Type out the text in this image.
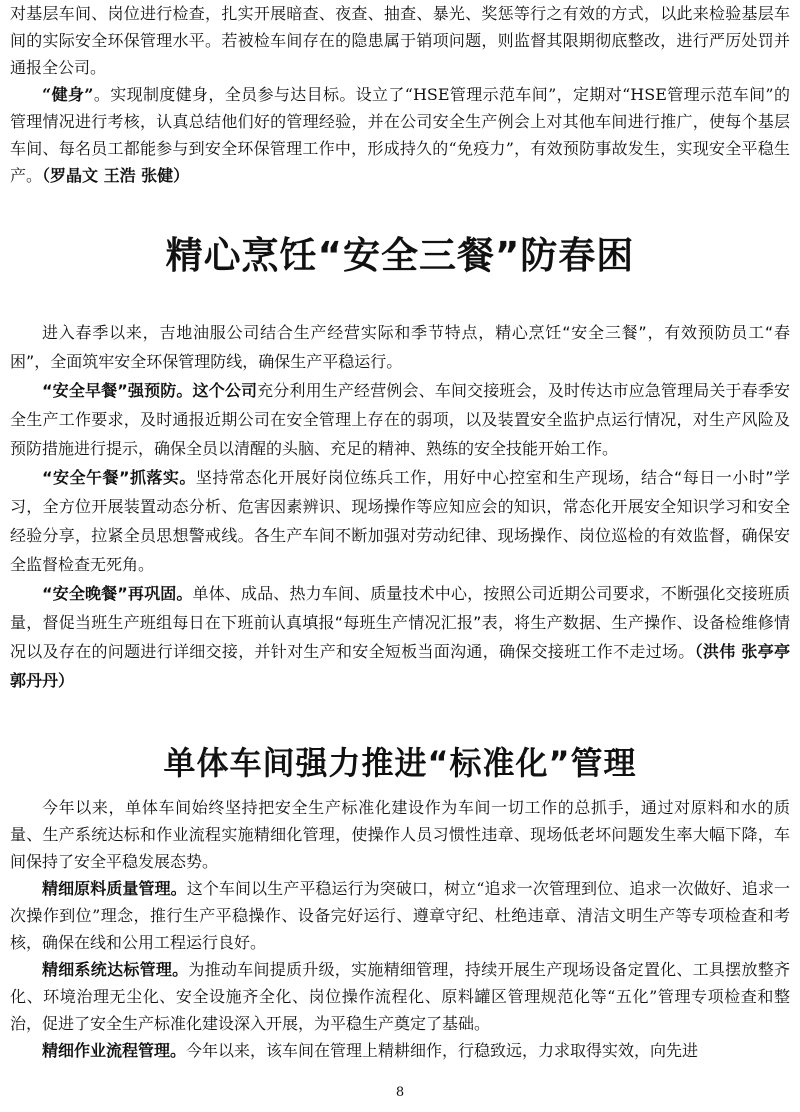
对基层车间、岗位进行检查，扎实开展暗查、夜查、抽查、暴光、奖惩等行之有效的方式，以此来检验基层车间的实际安全环保管理水平。若被检车间存在的隐患属于销项问题，则监督其限期彻底整改，进行严厉处罚并通报全公司。

“健身”。实现制度健身，全员参与达目标。设立了“HSE管理示范车间”，定期对“HSE管理示范车间”的管理情况进行考核，认真总结他们好的管理经验，并在公司安全生产例会上对其他车间进行推广，使每个基层车间、每名员工都能参与到安全环保管理工作中，形成持久的“免疫力”，有效预防事故发生，实现安全平稳生产。（罗晶文 王浩 张健）

精心烹饪“安全三餐”防春困

进入春季以来，吉地油服公司结合生产经营实际和季节特点，精心烹饪“安全三餐”，有效预防员工“春困”，全面筑牢安全环保管理防线，确保生产平稳运行。

“安全早餐”强预防。这个公司充分利用生产经营例会、车间交接班会，及时传达市应急管理局关于春季安全生产工作要求，及时通报近期公司在安全管理上存在的弱项，以及装置安全监护点运行情况，对生产风险及预防措施进行提示，确保全员以清醒的头脑、充足的精神、熟练的安全技能开始工作。

“安全午餐”抓落实。坚持常态化开展好岗位练兵工作，用好中心控室和生产现场，结合“每日一小时”学习，全方位开展装置动态分析、危害因素辨识、现场操作等应知应会的知识，常态化开展安全知识学习和安全经验分享，拉紧全员思想警戒线。各生产车间不断加强对劳动纪律、现场操作、岗位巡检的有效监督，确保安全监督检查无死角。

“安全晚餐”再巩固。单体、成品、热力车间、质量技术中心，按照公司近期公司要求，不断强化交接班质量，督促当班生产班组每日在下班前认真填报“每班生产情况汇报”表，将生产数据、生产操作、设备检维修情况以及存在的问题进行详细交接，并针对生产和安全短板当面沟通，确保交接班工作不走过场。（洪伟 张亭亭 郭丹丹）

单体车间强力推进“标准化”管理

今年以来，单体车间始终坚持把安全生产标准化建设作为车间一切工作的总抓手，通过对原料和水的质量、生产系统达标和作业流程实施精细化管理，使操作人员习惯性违章、现场低老坏问题发生率大幅下降，车间保持了安全平稳发展态势。

精细原料质量管理。这个车间以生产平稳运行为突破口，树立“追求一次管理到位、追求一次做好、追求一次操作到位”理念，推行生产平稳操作、设备完好运行、遵章守纪、杜绝违章、清洁文明生产等专项检查和考核，确保在线和公用工程运行良好。

精细系统达标管理。为推动车间提质升级，实施精细管理，持续开展生产现场设备定置化、工具摆放整齐化、环境治理无尘化、安全设施齐全化、岗位操作流程化、原料罐区管理规范化等“五化”管理专项检查和整治，促进了安全生产标准化建设深入开展，为平稳生产奠定了基础。

精细作业流程管理。今年以来，该车间在管理上精耕细作，行稳致远，力求取得实效，向先进

8
